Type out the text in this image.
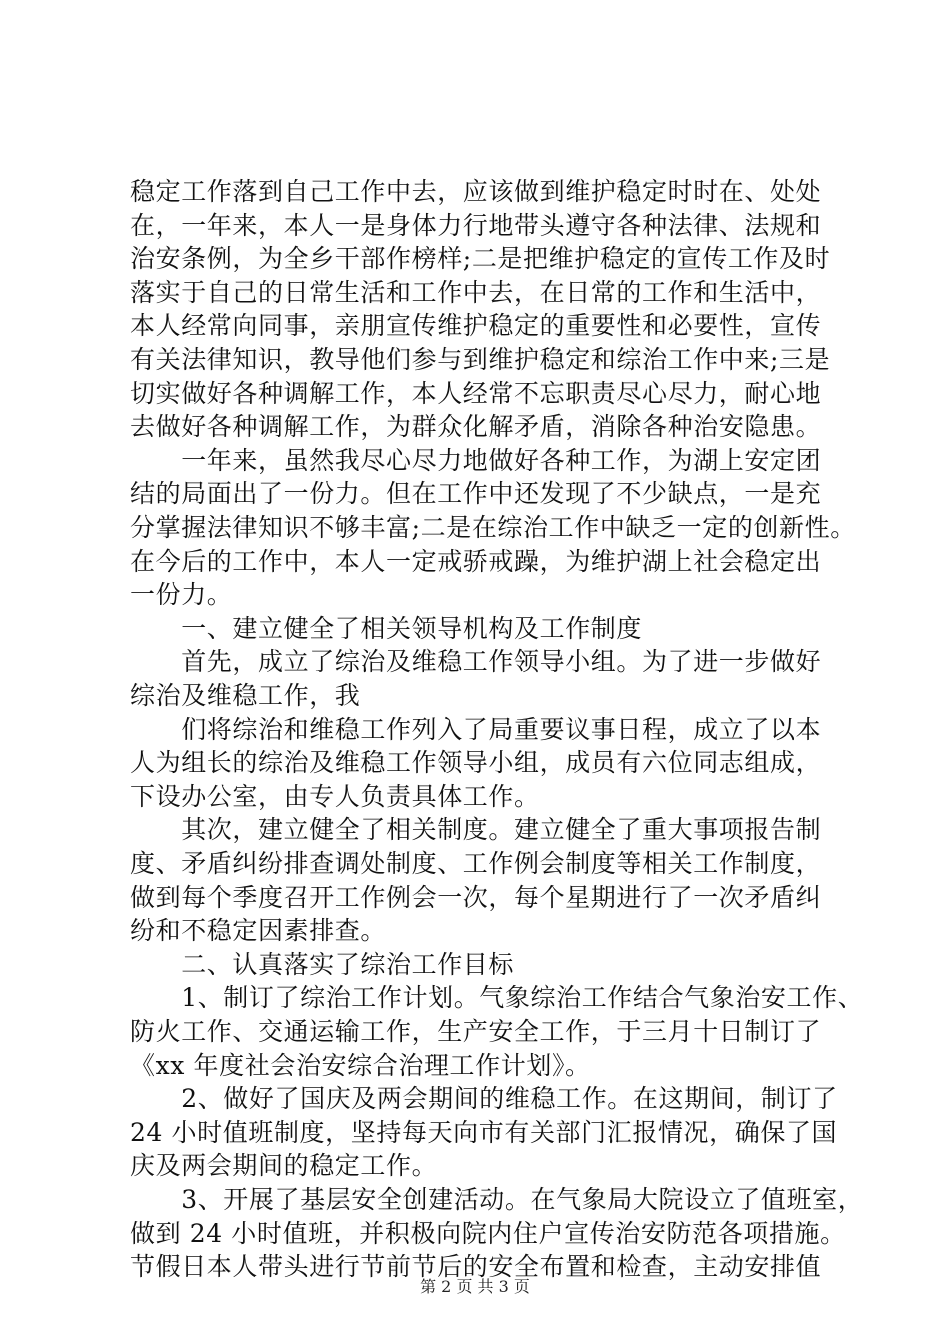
稳定工作落到自己工作中去，应该做到维护稳定时时在、处处
在，一年来，本人一是身体力行地带头遵守各种法律、法规和
治安条例，为全乡干部作榜样;二是把维护稳定的宣传工作及时
落实于自己的日常生活和工作中去，在日常的工作和生活中，
本人经常向同事，亲朋宣传维护稳定的重要性和必要性，宣传
有关法律知识，教导他们参与到维护稳定和综治工作中来;三是
切实做好各种调解工作，本人经常不忘职责尽心尽力，耐心地
去做好各种调解工作，为群众化解矛盾，消除各种治安隐患。
　　一年来，虽然我尽心尽力地做好各种工作，为湖上安定团
结的局面出了一份力。但在工作中还发现了不少缺点，一是充
分掌握法律知识不够丰富;二是在综治工作中缺乏一定的创新性。
在今后的工作中，本人一定戒骄戒躁，为维护湖上社会稳定出
一份力。
　　一、建立健全了相关领导机构及工作制度
　　首先，成立了综治及维稳工作领导小组。为了进一步做好
综治及维稳工作，我
　　们将综治和维稳工作列入了局重要议事日程，成立了以本
人为组长的综治及维稳工作领导小组，成员有六位同志组成，
下设办公室，由专人负责具体工作。
　　其次，建立健全了相关制度。建立健全了重大事项报告制
度、矛盾纠纷排查调处制度、工作例会制度等相关工作制度，
做到每个季度召开工作例会一次，每个星期进行了一次矛盾纠
纷和不稳定因素排查。
　　二、认真落实了综治工作目标
　　1、制订了综治工作计划。气象综治工作结合气象治安工作、
防火工作、交通运输工作，生产安全工作，于三月十日制订了
《xx 年度社会治安综合治理工作计划》。
　　2、做好了国庆及两会期间的维稳工作。在这期间，制订了
24 小时值班制度，坚持每天向市有关部门汇报情况，确保了国
庆及两会期间的稳定工作。
　　3、开展了基层安全创建活动。在气象局大院设立了值班室，
做到 24 小时值班，并积极向院内住户宣传治安防范各项措施。
节假日本人带头进行节前节后的安全布置和检查，主动安排值
第 2 页 共 3 页
